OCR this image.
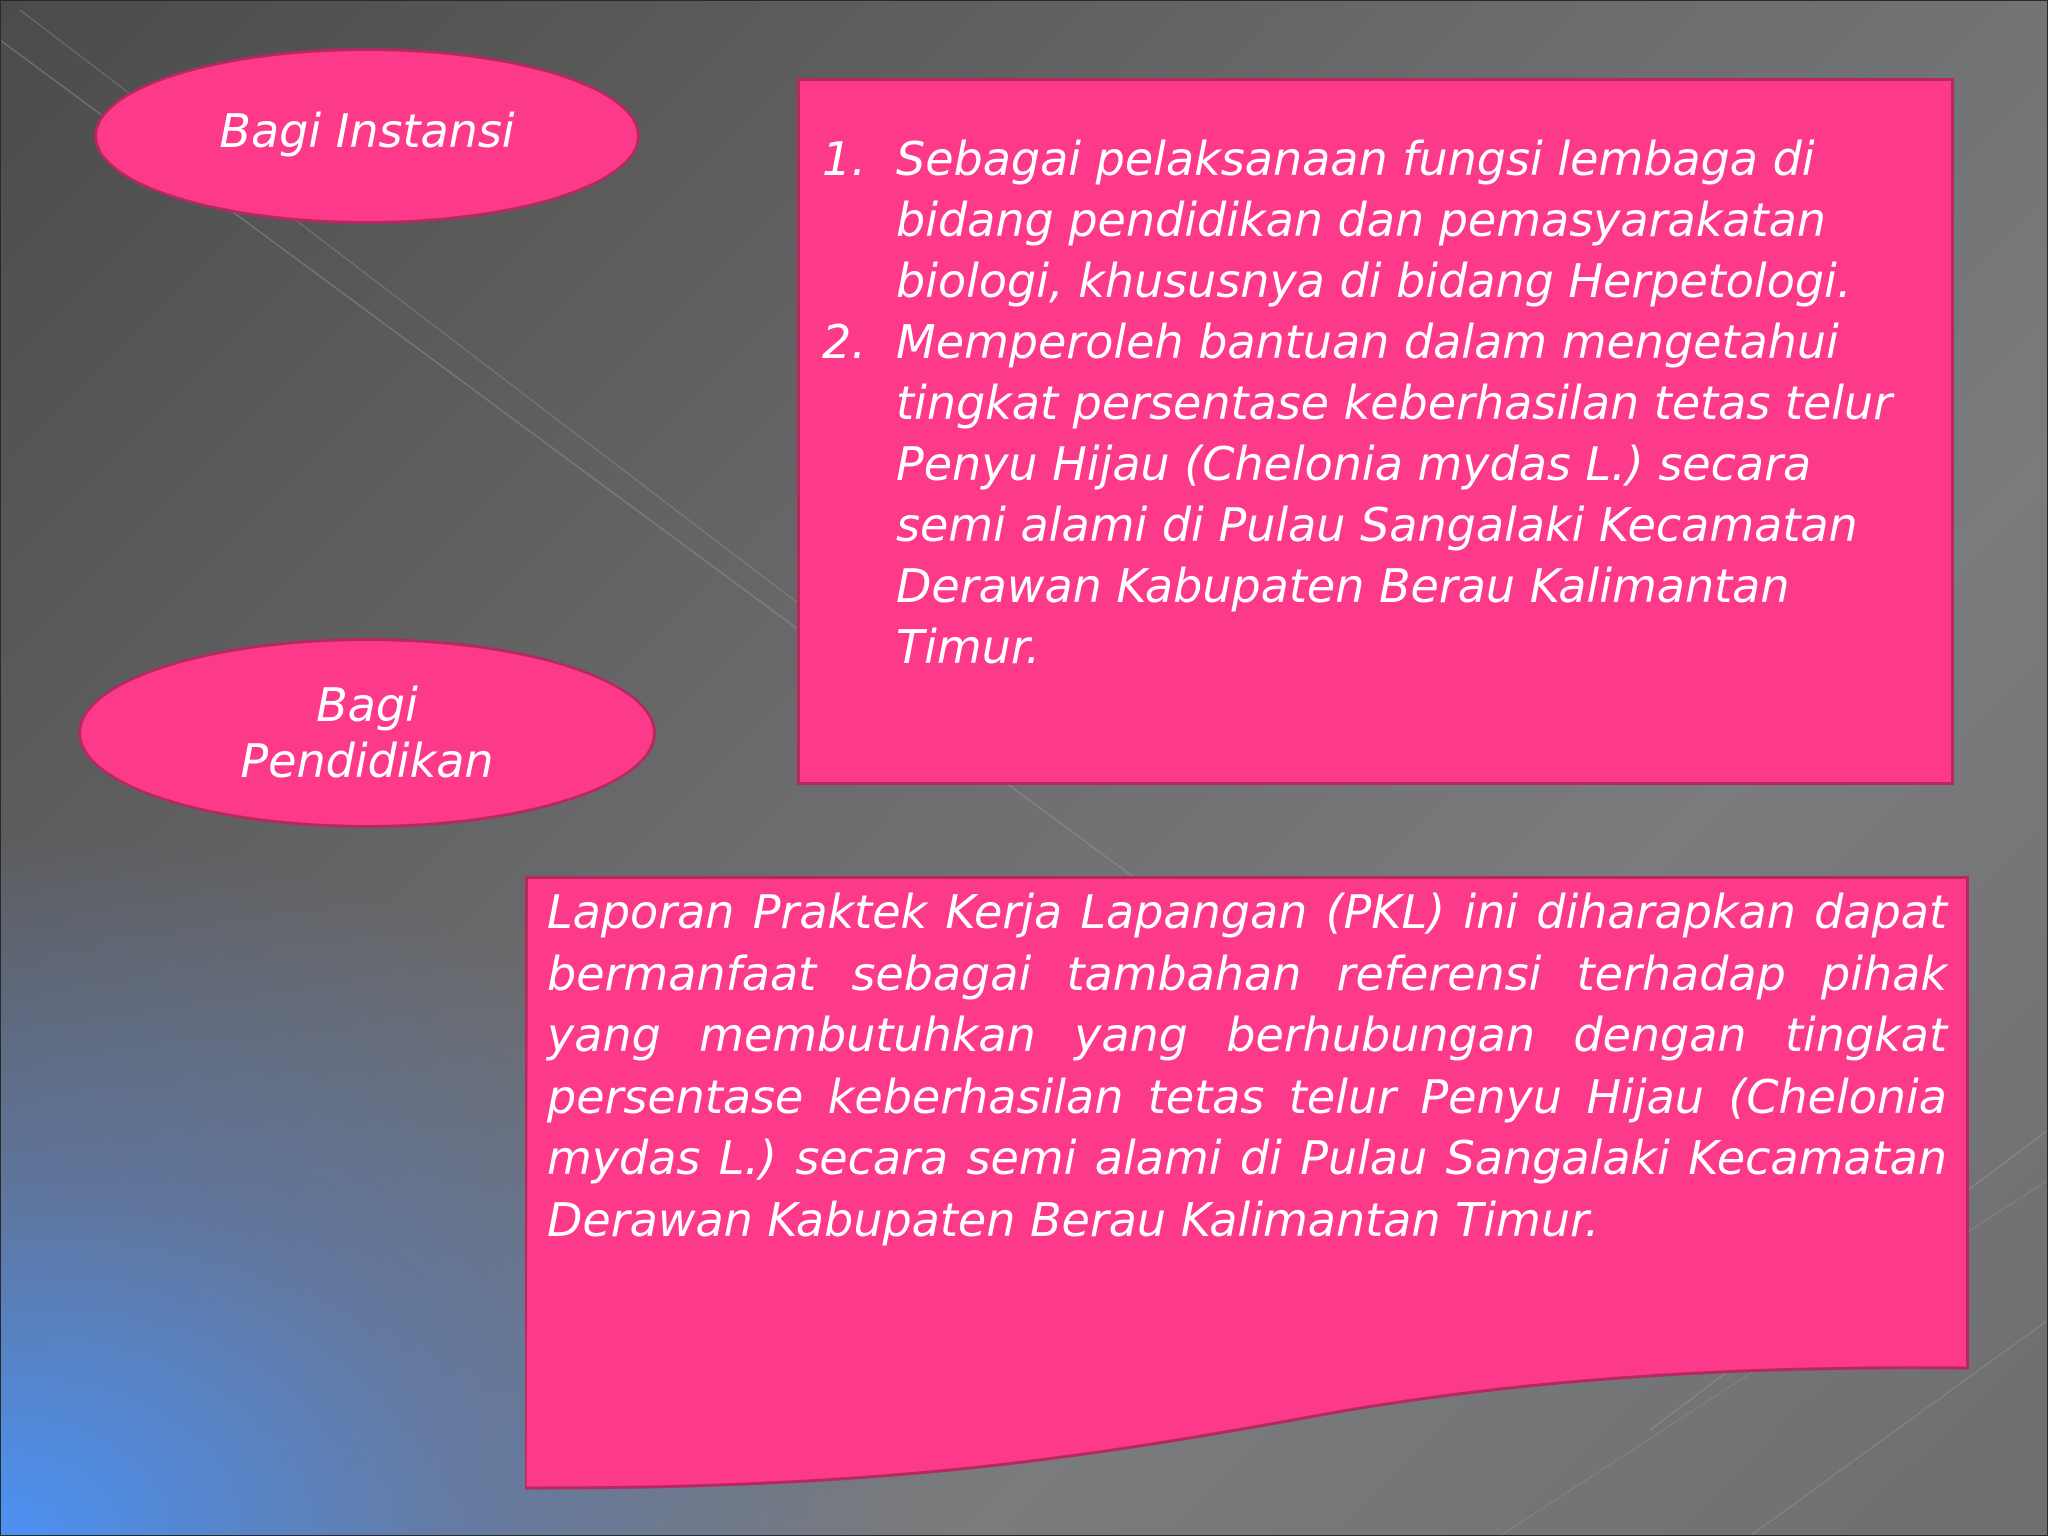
Bagi Instansi
Bagi Pendidikan
1. Sebagai pelaksanaan fungsi lembaga di bidang pendidikan dan pemasyarakatan biologi, khususnya di bidang Herpetologi.
2. Memperoleh bantuan dalam mengetahui tingkat persentase keberhasilan tetas telur Penyu Hijau (Chelonia mydas L.) secara semi alami di Pulau Sangalaki Kecamatan Derawan Kabupaten Berau Kalimantan Timur.
Laporan Praktek Kerja Lapangan (PKL) ini diharapkan dapat bermanfaat sebagai tambahan referensi terhadap pihak yang membutuhkan yang berhubungan dengan tingkat persentase keberhasilan tetas telur Penyu Hijau (Chelonia mydas L.) secara semi alami di Pulau Sangalaki Kecamatan Derawan Kabupaten Berau Kalimantan Timur.
